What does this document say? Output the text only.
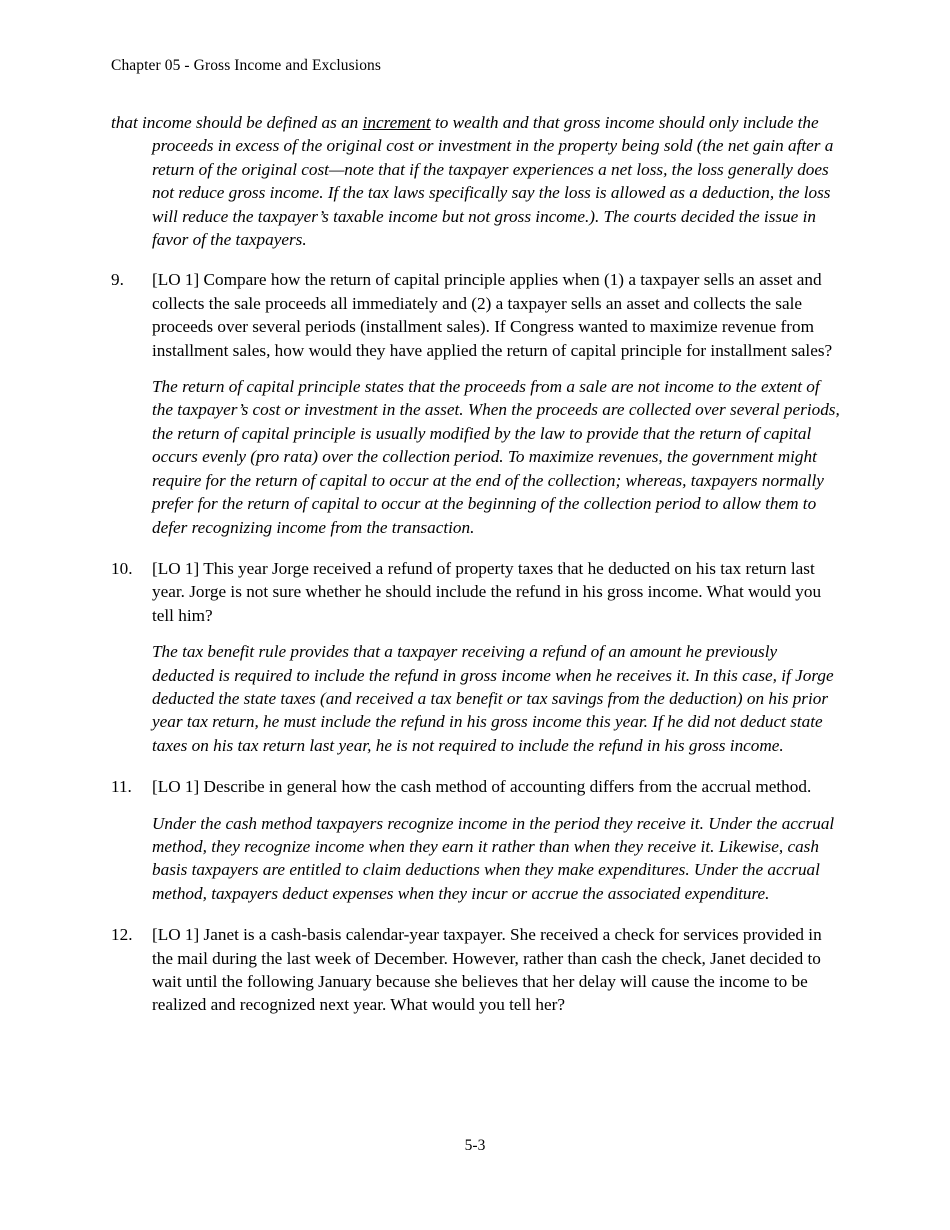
Chapter 05 - Gross Income and Exclusions

that income should be defined as an increment to wealth and that gross income should only include the proceeds in excess of the original cost or investment in the property being sold (the net gain after a return of the original cost—note that if the taxpayer experiences a net loss, the loss generally does not reduce gross income. If the tax laws specifically say the loss is allowed as a deduction, the loss will reduce the taxpayer’s taxable income but not gross income.). The courts decided the issue in favor of the taxpayers.

9. [LO 1] Compare how the return of capital principle applies when (1) a taxpayer sells an asset and collects the sale proceeds all immediately and (2) a taxpayer sells an asset and collects the sale proceeds over several periods (installment sales). If Congress wanted to maximize revenue from installment sales, how would they have applied the return of capital principle for installment sales?

The return of capital principle states that the proceeds from a sale are not income to the extent of the taxpayer’s cost or investment in the asset. When the proceeds are collected over several periods, the return of capital principle is usually modified by the law to provide that the return of capital occurs evenly (pro rata) over the collection period. To maximize revenues, the government might require for the return of capital to occur at the end of the collection; whereas, taxpayers normally prefer for the return of capital to occur at the beginning of the collection period to allow them to defer recognizing income from the transaction.

10. [LO 1] This year Jorge received a refund of property taxes that he deducted on his tax return last year. Jorge is not sure whether he should include the refund in his gross income. What would you tell him?

The tax benefit rule provides that a taxpayer receiving a refund of an amount he previously deducted is required to include the refund in gross income when he receives it. In this case, if Jorge deducted the state taxes (and received a tax benefit or tax savings from the deduction) on his prior year tax return, he must include the refund in his gross income this year. If he did not deduct state taxes on his tax return last year, he is not required to include the refund in his gross income.

11. [LO 1] Describe in general how the cash method of accounting differs from the accrual method.

Under the cash method taxpayers recognize income in the period they receive it. Under the accrual method, they recognize income when they earn it rather than when they receive it. Likewise, cash basis taxpayers are entitled to claim deductions when they make expenditures. Under the accrual method, taxpayers deduct expenses when they incur or accrue the associated expenditure.

12. [LO 1] Janet is a cash-basis calendar-year taxpayer. She received a check for services provided in the mail during the last week of December. However, rather than cash the check, Janet decided to wait until the following January because she believes that her delay will cause the income to be realized and recognized next year. What would you tell her?

5-3
